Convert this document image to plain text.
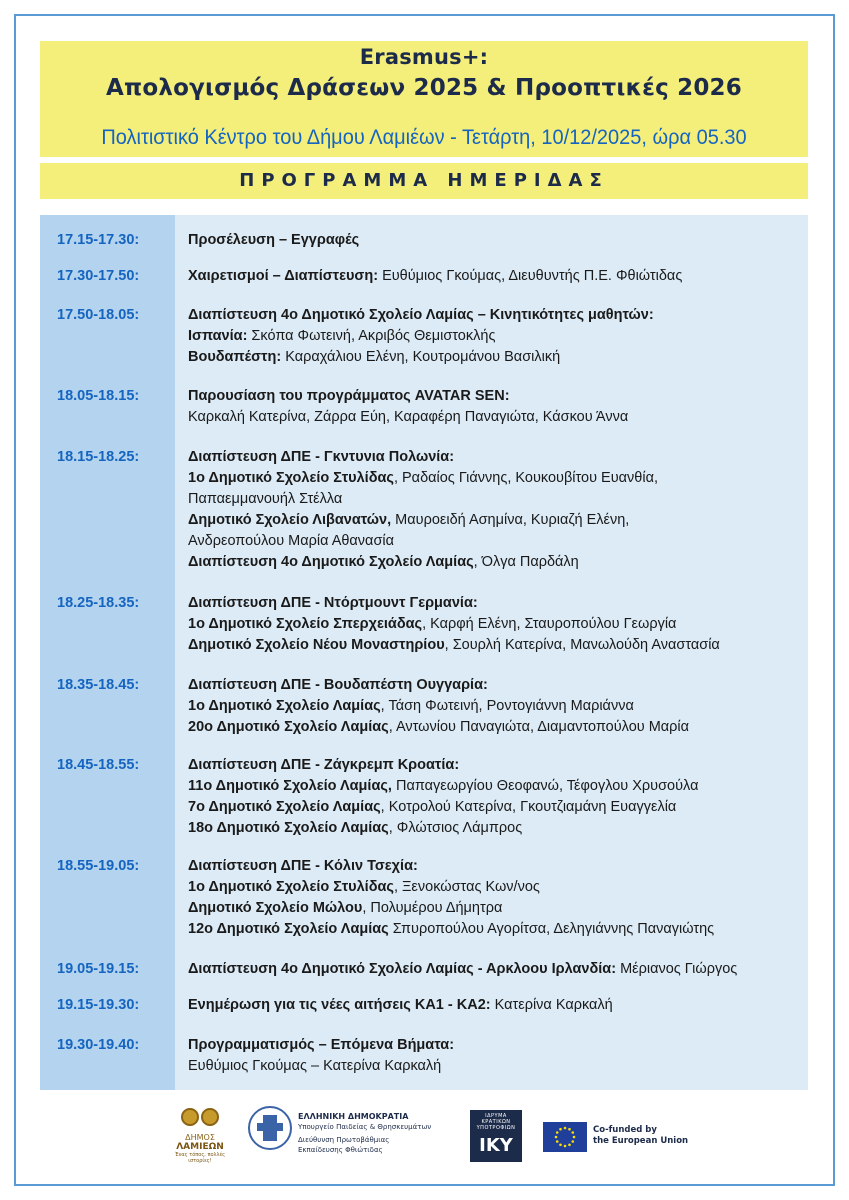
Erasmus+:
Απολογισμός Δράσεων 2025 & Προοπτικές 2026
Πολιτιστικό Κέντρο του Δήμου Λαμιέων - Τετάρτη, 10/12/2025, ώρα 05.30
ΠΡΟΓΡΑΜΜΑ ΗΜΕΡΙΔΑΣ
17.15-17.30:	Προσέλευση – Εγγραφές
17.30-17.50:	Χαιρετισμοί – Διαπίστευση: Ευθύμιος Γκούμας, Διευθυντής Π.Ε. Φθιώτιδας
17.50-18.05:	Διαπίστευση 4ο Δημοτικό Σχολείο Λαμίας – Κινητικότητες μαθητών:
Ισπανία: Σκόπα Φωτεινή, Ακριβός Θεμιστοκλής
Βουδαπέστη: Καραχάλιου Ελένη, Κουτρομάνου Βασιλική
18.05-18.15:	Παρουσίαση του προγράμματος AVATAR SEN:
Καρκαλή Κατερίνα, Ζάρρα Εύη, Καραφέρη Παναγιώτα, Κάσκου Άννα
18.15-18.25:	Διαπίστευση ΔΠΕ - Γκντυνια Πολωνία:
1ο Δημοτικό Σχολείο Στυλίδας, Ραδαίος Γιάννης, Κουκουβίτου Ευανθία,
Παπαεμμανουήλ Στέλλα
Δημοτικό Σχολείο Λιβανατών, Μαυροειδή Ασημίνα, Κυριαζή Ελένη,
Ανδρεοπούλου Μαρία Αθανασία
Διαπίστευση 4ο Δημοτικό Σχολείο Λαμίας, Όλγα Παρδάλη
18.25-18.35:	Διαπίστευση ΔΠΕ - Ντόρτμουντ Γερμανία:
1ο Δημοτικό Σχολείο Σπερχειάδας, Καρφή Ελένη, Σταυροπούλου Γεωργία
Δημοτικό Σχολείο Νέου Μοναστηρίου, Σουρλή Κατερίνα, Μανωλούδη Αναστασία
18.35-18.45:	Διαπίστευση ΔΠΕ - Βουδαπέστη Ουγγαρία:
1ο Δημοτικό Σχολείο Λαμίας, Τάση Φωτεινή, Ροντογιάννη Μαριάννα
20ο Δημοτικό Σχολείο Λαμίας, Αντωνίου Παναγιώτα, Διαμαντοπούλου Μαρία
18.45-18.55:	Διαπίστευση ΔΠΕ - Ζάγκρεμπ Κροατία:
11ο Δημοτικό Σχολείο Λαμίας, Παπαγεωργίου Θεοφανώ, Τέφογλου Χρυσούλα
7ο Δημοτικό Σχολείο Λαμίας, Κοτρολού Κατερίνα, Γκουτζιαμάνη Ευαγγελία
18ο Δημοτικό Σχολείο Λαμίας, Φλώτσιος Λάμπρος
18.55-19.05:	Διαπίστευση ΔΠΕ - Κόλιν Τσεχία:
1ο Δημοτικό Σχολείο Στυλίδας, Ξενοκώστας Κων/νος
Δημοτικό Σχολείο Μώλου, Πολυμέρου Δήμητρα
12ο Δημοτικό Σχολείο Λαμίας Σπυροπούλου Αγορίτσα, Δεληγιάννης Παναγιώτης
19.05-19.15:	Διαπίστευση 4ο Δημοτικό Σχολείο Λαμίας - Αρκλοου Ιρλανδία: Μέριανος Γιώργος
19.15-19.30:	Ενημέρωση για τις νέες αιτήσεις ΚΑ1 - ΚΑ2: Κατερίνα Καρκαλή
19.30-19.40:	Προγραμματισμός – Επόμενα Βήματα:
Ευθύμιος Γκούμας – Κατερίνα Καρκαλή
ΔΗΜΟΣ
ΛΑΜΙΕΩΝ
Ένας τόπος, πολλές ιστορίες!
ΕΛΛΗΝΙΚΗ ΔΗΜΟΚΡΑΤΙΑ
Υπουργείο Παιδείας & Θρησκευμάτων
Διεύθυνση Πρωτοβάθμιας
Εκπαίδευσης Φθιώτιδας
ΙΔΡΥΜΑ ΚΡΑΤΙΚΩΝ ΥΠΟΤΡΟΦΙΩΝ
IKY
Co-funded by
the European Union
